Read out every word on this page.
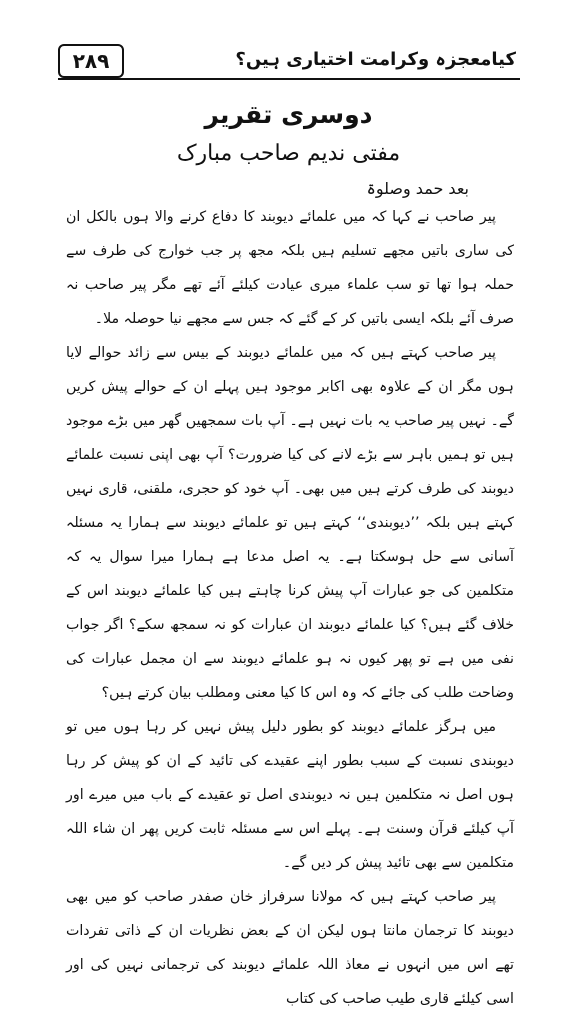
۲۸۹	کیامعجزہ وکرامت اختیاری ہیں؟
دوسری تقریر
مفتی ندیم صاحب مبارک
بعد حمد وصلوۃ

پیر صاحب نے کہا کہ میں علمائے دیوبند کا دفاع کرنے والا ہوں بالکل ان کی ساری باتیں مجھے تسلیم ہیں بلکہ مجھ پر جب خوارج کی طرف سے حملہ ہوا تھا تو سب علماء میری عیادت کیلئے آئے تھے مگر پیر صاحب نہ صرف آئے بلکہ ایسی باتیں کر کے گئے کہ جس سے مجھے نیا حوصلہ ملا۔

پیر صاحب کہتے ہیں کہ میں علمائے دیوبند کے بیس سے زائد حوالے لایا ہوں مگر ان کے علاوہ بھی اکابر موجود ہیں پہلے ان کے حوالے پیش کریں گے۔ نہیں پیر صاحب یہ بات نہیں ہے۔ آپ بات سمجھیں گھر میں بڑے موجود ہیں تو ہمیں باہر سے بڑے لانے کی کیا ضرورت؟ آپ بھی اپنی نسبت علمائے دیوبند کی طرف کرتے ہیں میں بھی۔ آپ خود کو حجری، ملقنی، قاری نہیں کہتے ہیں بلکہ ’’دیوبندی‘‘ کہتے ہیں تو علمائے دیوبند سے ہمارا یہ مسئلہ آسانی سے حل ہوسکتا ہے۔ یہ اصل مدعا ہے ہمارا میرا سوال یہ کہ متکلمین کی جو عبارات آپ پیش کرنا چاہتے ہیں کیا علمائے دیوبند اس کے خلاف گئے ہیں؟ کیا علمائے دیوبند ان عبارات کو نہ سمجھ سکے؟ اگر جواب نفی میں ہے تو پھر کیوں نہ ہو علمائے دیوبند سے ان مجمل عبارات کی وضاحت طلب کی جائے کہ وہ اس کا کیا معنی ومطلب بیان کرتے ہیں؟

میں ہرگز علمائے دیوبند کو بطور دلیل پیش نہیں کر رہا ہوں میں تو دیوبندی نسبت کے سبب بطور اپنے عقیدے کی تائید کے ان کو پیش کر رہا ہوں اصل نہ متکلمین ہیں نہ دیوبندی اصل تو عقیدے کے باب میں میرے اور آپ کیلئے قرآن وسنت ہے۔ پہلے اس سے مسئلہ ثابت کریں پھر ان شاء اللہ متکلمین سے بھی تائید پیش کر دیں گے۔

پیر صاحب کہتے ہیں کہ مولانا سرفراز خان صفدر صاحب کو میں بھی دیوبند کا ترجمان مانتا ہوں لیکن ان کے بعض نظریات ان کے ذاتی تفردات تھے اس میں انہوں نے معاذ اللہ علمائے دیوبند کی ترجمانی نہیں کی اور اسی کیلئے قاری طیب صاحب کی کتاب
